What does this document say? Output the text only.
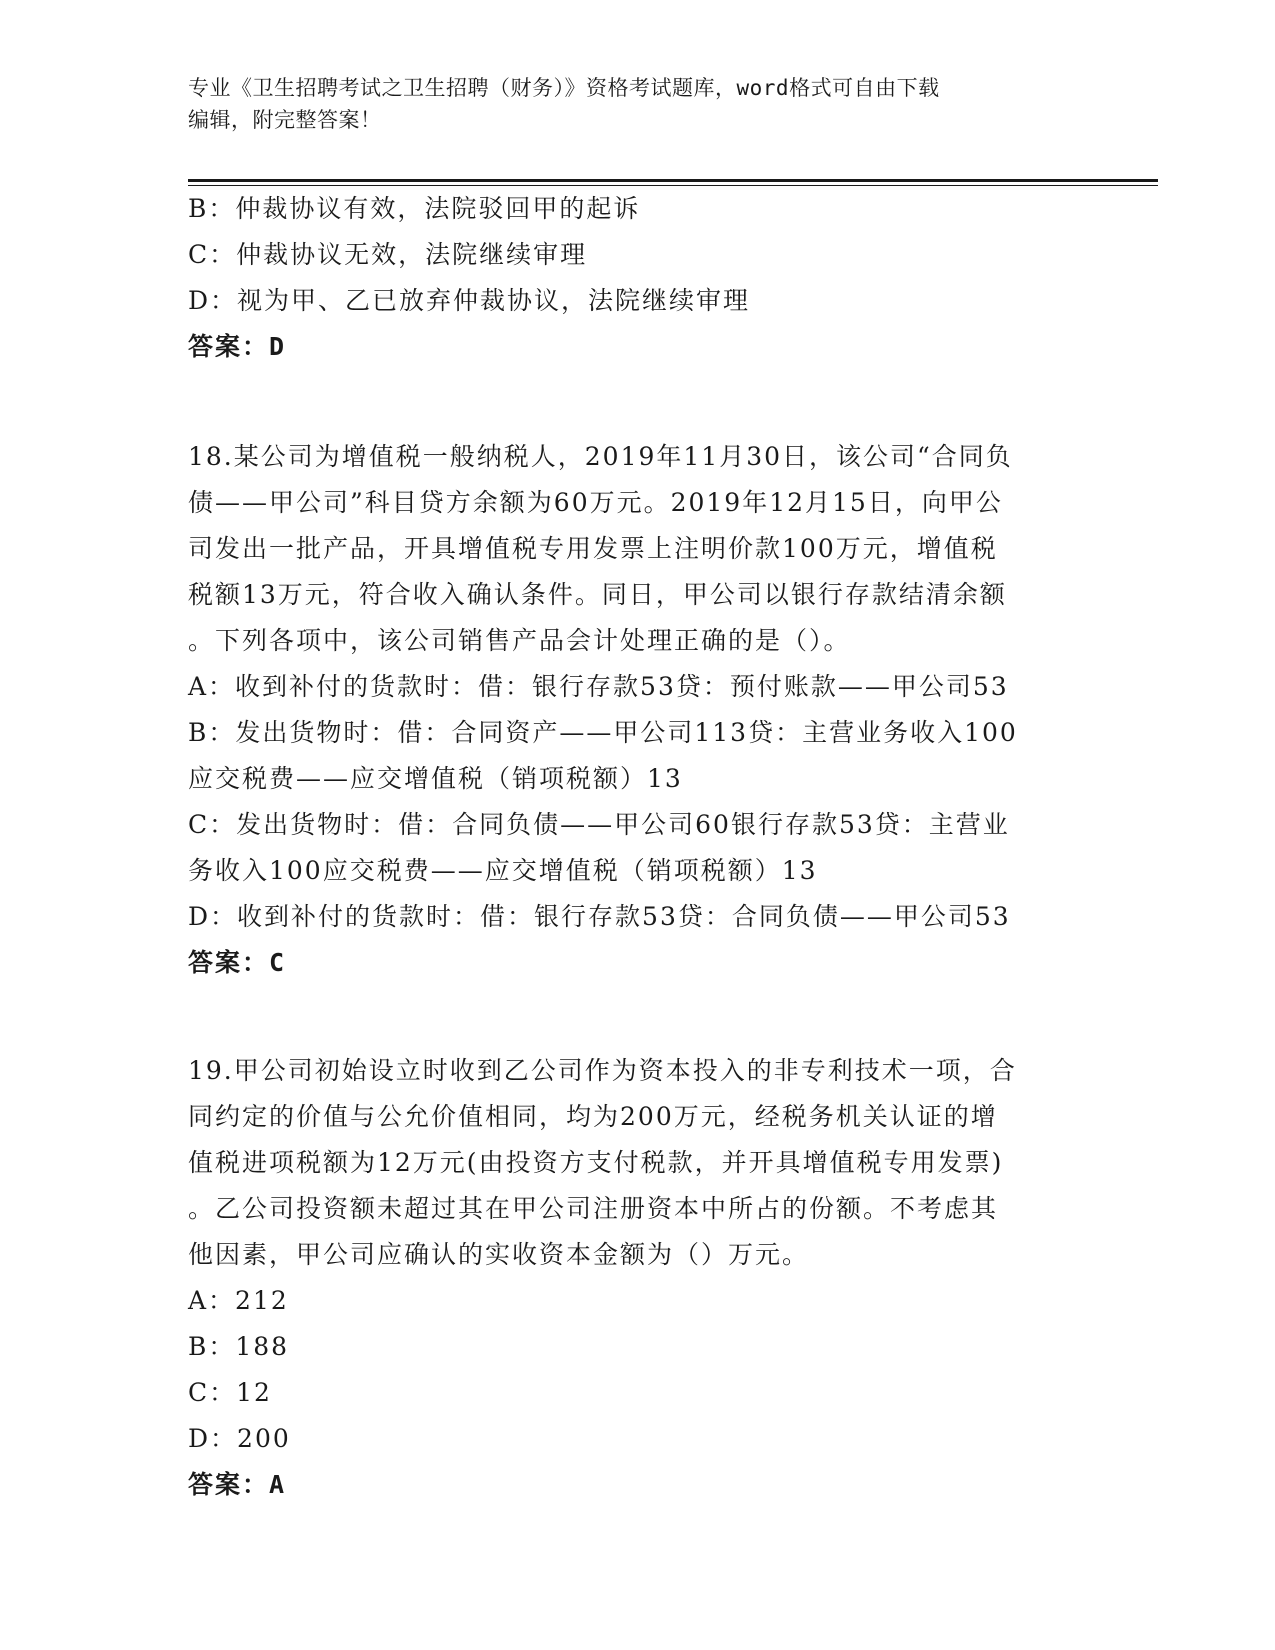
专业《卫生招聘考试之卫生招聘（财务）》资格考试题库，word格式可自由下载
编辑，附完整答案！
B：仲裁协议有效，法院驳回甲的起诉
C：仲裁协议无效，法院继续审理
D：视为甲、乙已放弃仲裁协议，法院继续审理
答案：D
18.某公司为增值税一般纳税人，2019年11月30日，该公司“合同负
债——甲公司”科目贷方余额为60万元。2019年12月15日，向甲公
司发出一批产品，开具增值税专用发票上注明价款100万元，增值税
税额13万元，符合收入确认条件。同日，甲公司以银行存款结清余额
。下列各项中，该公司销售产品会计处理正确的是（）。
A：收到补付的货款时：借：银行存款53贷：预付账款——甲公司53
B：发出货物时：借：合同资产——甲公司113贷：主营业务收入100
应交税费——应交增值税（销项税额）13
C：发出货物时：借：合同负债——甲公司60银行存款53贷：主营业
务收入100应交税费——应交增值税（销项税额）13
D：收到补付的货款时：借：银行存款53贷：合同负债——甲公司53
答案：C
19.甲公司初始设立时收到乙公司作为资本投入的非专利技术一项，合
同约定的价值与公允价值相同，均为200万元，经税务机关认证的增
值税进项税额为12万元(由投资方支付税款，并开具增值税专用发票)
。乙公司投资额未超过其在甲公司注册资本中所占的份额。不考虑其
他因素，甲公司应确认的实收资本金额为（）万元。
A：212
B：188
C：12
D：200
答案：A
